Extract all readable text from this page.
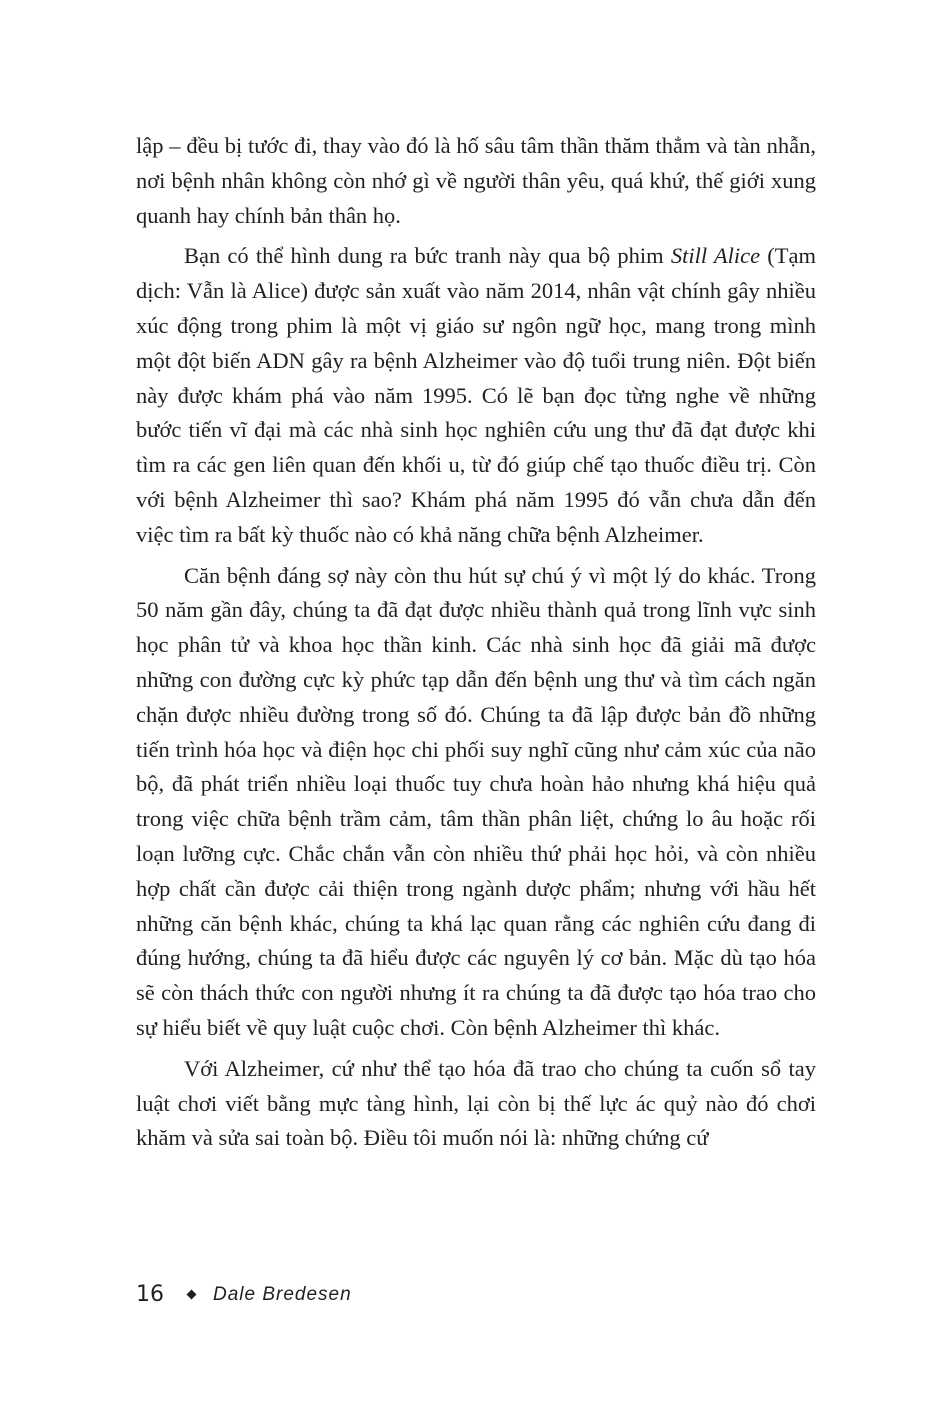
lập – đều bị tước đi, thay vào đó là hố sâu tâm thần thăm thẳm và tàn nhẫn, nơi bệnh nhân không còn nhớ gì về người thân yêu, quá khứ, thế giới xung quanh hay chính bản thân họ.

Bạn có thể hình dung ra bức tranh này qua bộ phim Still Alice (Tạm dịch: Vẫn là Alice) được sản xuất vào năm 2014, nhân vật chính gây nhiều xúc động trong phim là một vị giáo sư ngôn ngữ học, mang trong mình một đột biến ADN gây ra bệnh Alzheimer vào độ tuổi trung niên. Đột biến này được khám phá vào năm 1995. Có lẽ bạn đọc từng nghe về những bước tiến vĩ đại mà các nhà sinh học nghiên cứu ung thư đã đạt được khi tìm ra các gen liên quan đến khối u, từ đó giúp chế tạo thuốc điều trị. Còn với bệnh Alzheimer thì sao? Khám phá năm 1995 đó vẫn chưa dẫn đến việc tìm ra bất kỳ thuốc nào có khả năng chữa bệnh Alzheimer.

Căn bệnh đáng sợ này còn thu hút sự chú ý vì một lý do khác. Trong 50 năm gần đây, chúng ta đã đạt được nhiều thành quả trong lĩnh vực sinh học phân tử và khoa học thần kinh. Các nhà sinh học đã giải mã được những con đường cực kỳ phức tạp dẫn đến bệnh ung thư và tìm cách ngăn chặn được nhiều đường trong số đó. Chúng ta đã lập được bản đồ những tiến trình hóa học và điện học chi phối suy nghĩ cũng như cảm xúc của não bộ, đã phát triển nhiều loại thuốc tuy chưa hoàn hảo nhưng khá hiệu quả trong việc chữa bệnh trầm cảm, tâm thần phân liệt, chứng lo âu hoặc rối loạn lưỡng cực. Chắc chắn vẫn còn nhiều thứ phải học hỏi, và còn nhiều hợp chất cần được cải thiện trong ngành dược phẩm; nhưng với hầu hết những căn bệnh khác, chúng ta khá lạc quan rằng các nghiên cứu đang đi đúng hướng, chúng ta đã hiểu được các nguyên lý cơ bản. Mặc dù tạo hóa sẽ còn thách thức con người nhưng ít ra chúng ta đã được tạo hóa trao cho sự hiểu biết về quy luật cuộc chơi. Còn bệnh Alzheimer thì khác.

Với Alzheimer, cứ như thể tạo hóa đã trao cho chúng ta cuốn sổ tay luật chơi viết bằng mực tàng hình, lại còn bị thế lực ác quỷ nào đó chơi khăm và sửa sai toàn bộ. Điều tôi muốn nói là: những chứng cứ

16	Dale Bredesen
